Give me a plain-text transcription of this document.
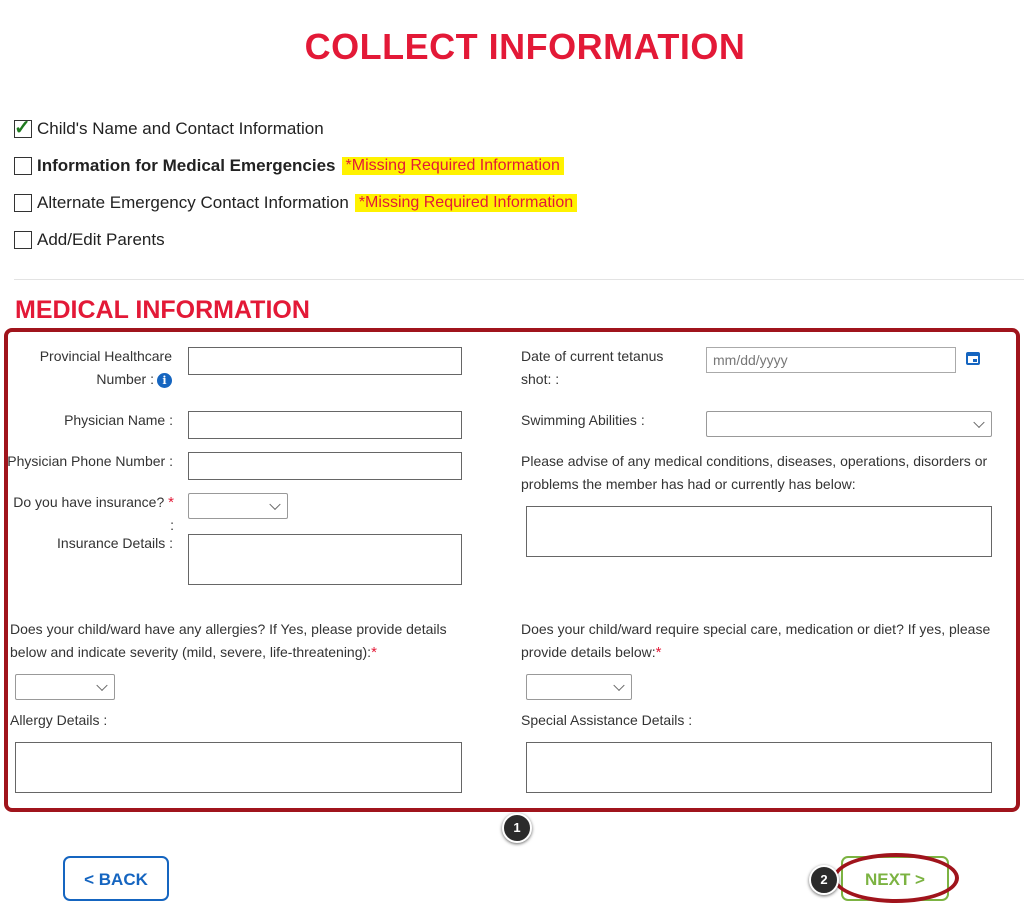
COLLECT INFORMATION
✓ Child's Name and Contact Information
Information for Medical Emergencies *Missing Required Information
Alternate Emergency Contact Information *Missing Required Information
Add/Edit Parents
MEDICAL INFORMATION
Provincial Healthcare
Number : i
Physician Name :
Physician Phone Number :
Do you have insurance? * :
Insurance Details :
Does your child/ward have any allergies? If Yes, please provide details
below and indicate severity (mild, severe, life-threatening):*
Allergy Details :
Date of current tetanus
shot: :
mm/dd/yyyy
Swimming Abilities :
Please advise of any medical conditions, diseases, operations, disorders or
problems the member has had or currently has below:
Does your child/ward require special care, medication or diet? If yes, please
provide details below:*
Special Assistance Details :
1
< BACK	NEXT >
2
